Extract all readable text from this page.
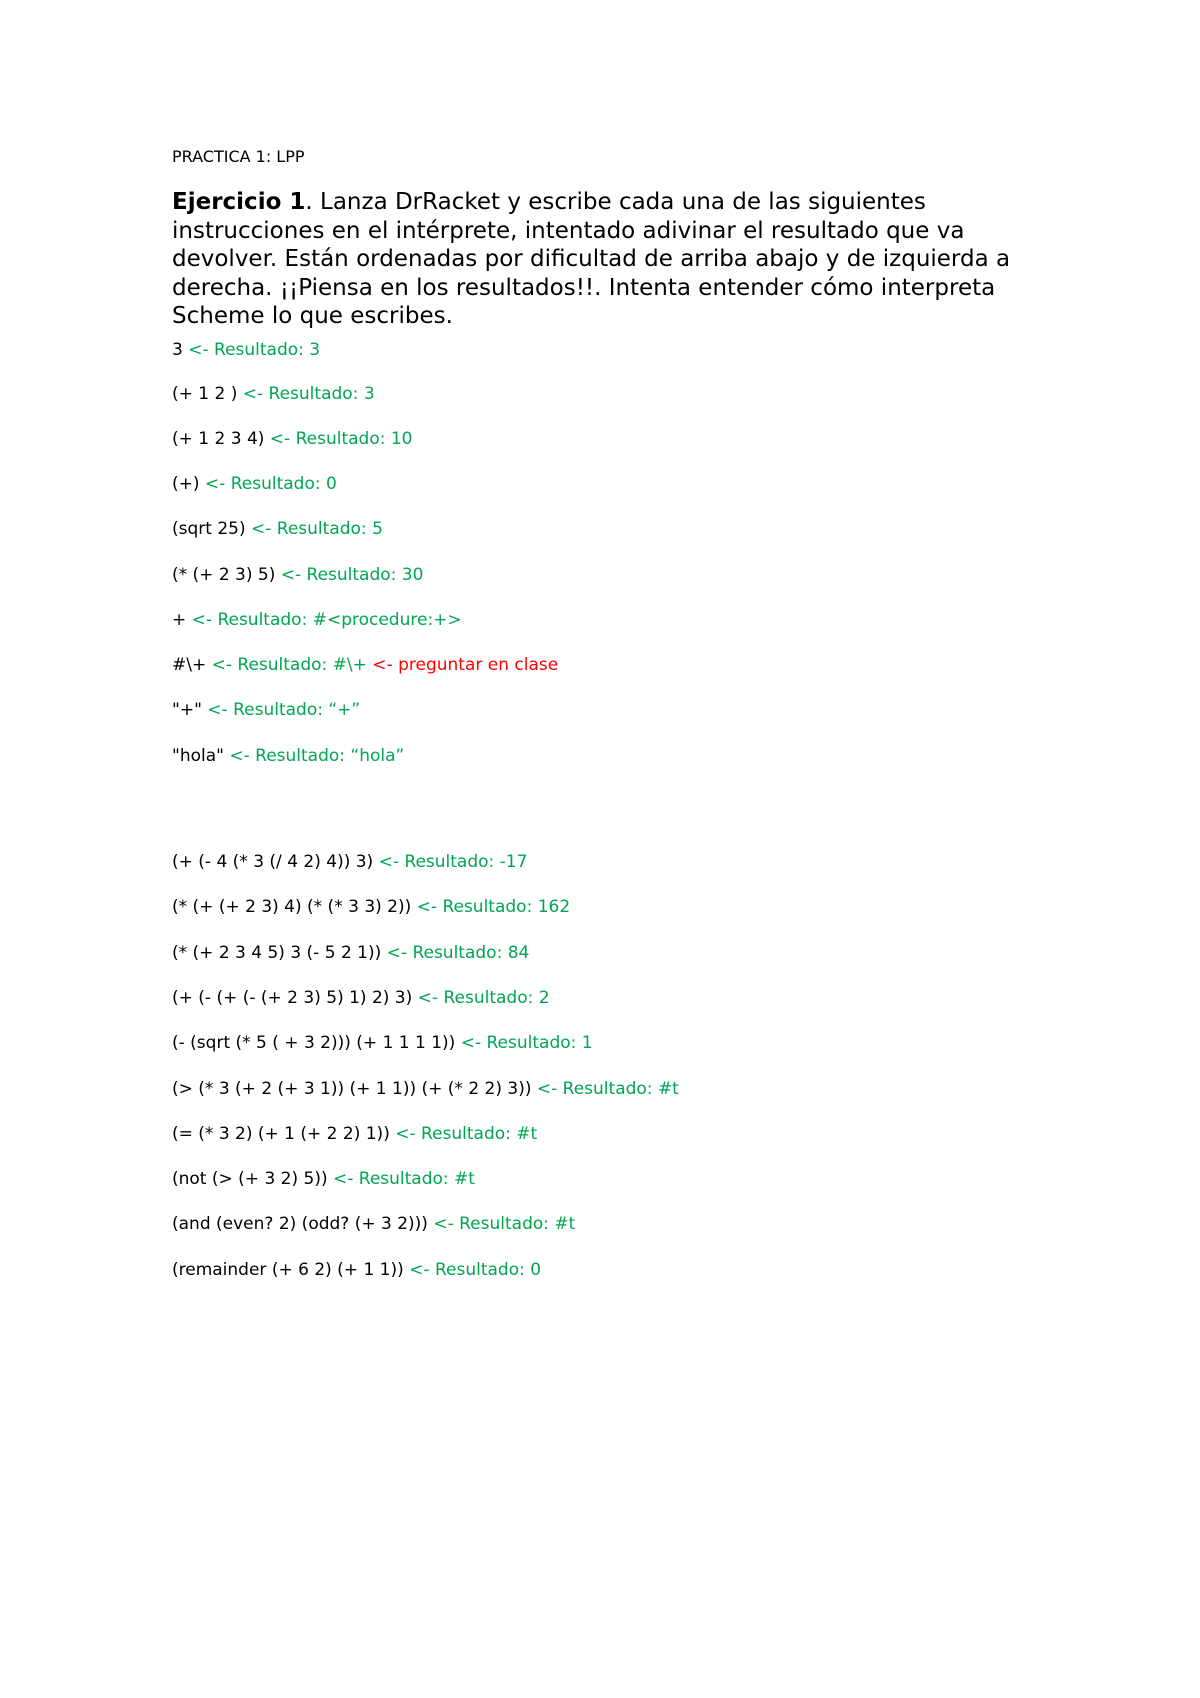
PRACTICA 1: LPP
Ejercicio 1. Lanza DrRacket y escribe cada una de las siguientes instrucciones en el intérprete, intentado adivinar el resultado que va devolver. Están ordenadas por dificultad de arriba abajo y de izquierda a derecha. ¡¡Piensa en los resultados!!. Intenta entender cómo interpreta Scheme lo que escribes.
3 <- Resultado: 3
(+ 1 2 ) <- Resultado: 3
(+ 1 2 3 4) <- Resultado: 10
(+) <- Resultado: 0
(sqrt 25) <- Resultado: 5
(* (+ 2 3) 5) <- Resultado: 30
+ <- Resultado: #<procedure:+>
#\+ <- Resultado: #\+ <- preguntar en clase
"+" <- Resultado: “+”
"hola" <- Resultado: “hola”
(+ (- 4 (* 3 (/ 4 2) 4)) 3) <- Resultado: -17
(* (+ (+ 2 3) 4) (* (* 3 3) 2)) <- Resultado: 162
(* (+ 2 3 4 5) 3 (- 5 2 1)) <- Resultado: 84
(+ (- (+ (- (+ 2 3) 5) 1) 2) 3) <- Resultado: 2
(- (sqrt (* 5 ( + 3 2))) (+ 1 1 1 1)) <- Resultado: 1
(> (* 3 (+ 2 (+ 3 1)) (+ 1 1)) (+ (* 2 2) 3)) <- Resultado: #t
(= (* 3 2) (+ 1 (+ 2 2) 1)) <- Resultado: #t
(not (> (+ 3 2) 5)) <- Resultado: #t
(and (even? 2) (odd? (+ 3 2))) <- Resultado: #t
(remainder (+ 6 2) (+ 1 1)) <- Resultado: 0
